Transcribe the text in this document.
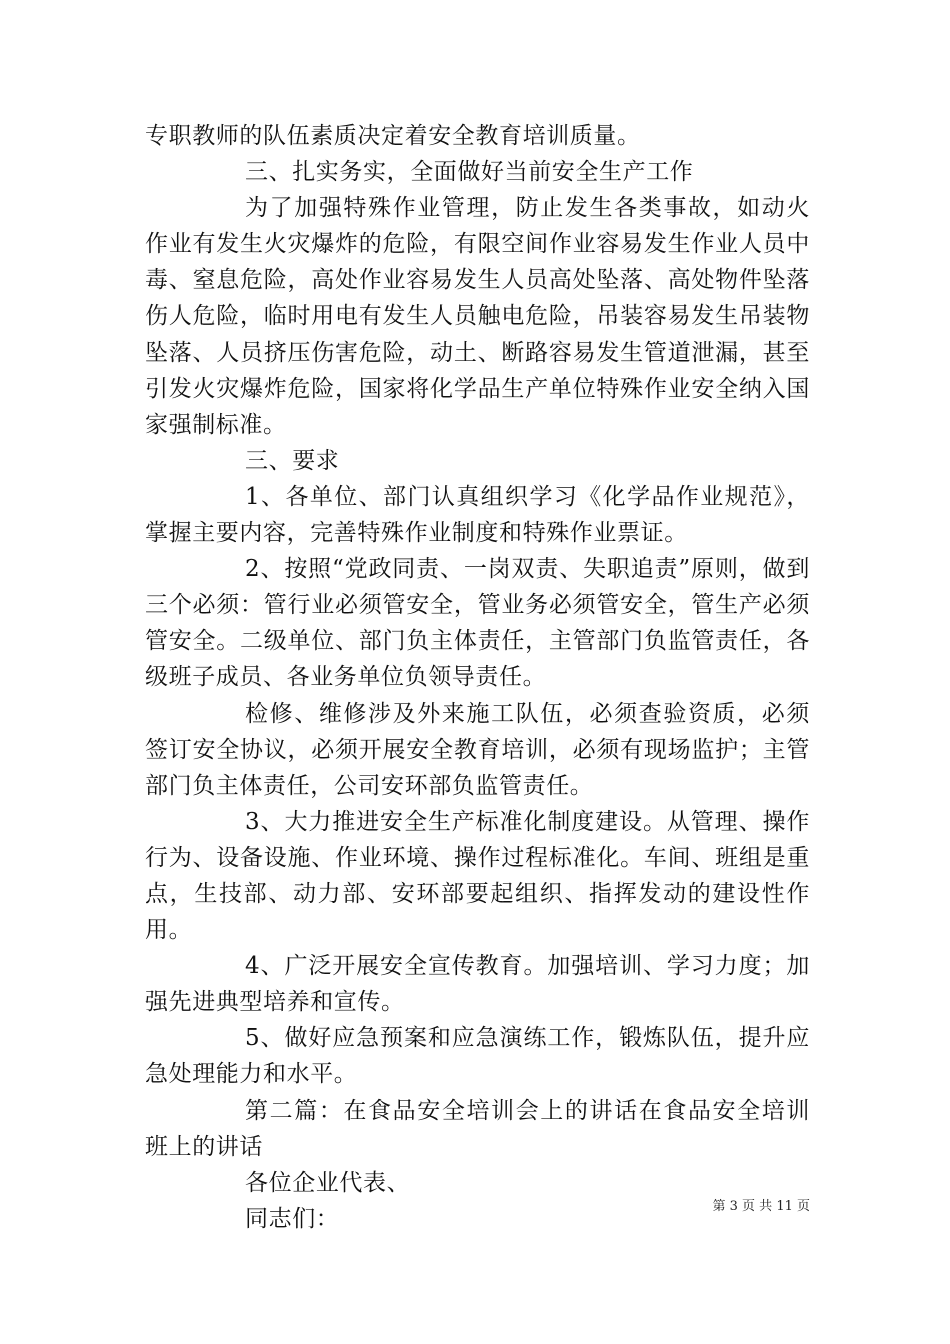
专职教师的队伍素质决定着安全教育培训质量。

三、扎实务实，全面做好当前安全生产工作

为了加强特殊作业管理，防止发生各类事故，如动火作业有发生火灾爆炸的危险，有限空间作业容易发生作业人员中毒、窒息危险，高处作业容易发生人员高处坠落、高处物件坠落伤人危险，临时用电有发生人员触电危险，吊装容易发生吊装物坠落、人员挤压伤害危险，动土、断路容易发生管道泄漏，甚至引发火灾爆炸危险，国家将化学品生产单位特殊作业安全纳入国家强制标准。

三、要求

1、各单位、部门认真组织学习《化学品作业规范》，掌握主要内容，完善特殊作业制度和特殊作业票证。

2、按照“党政同责、一岗双责、失职追责”原则，做到三个必须：管行业必须管安全，管业务必须管安全，管生产必须管安全。二级单位、部门负主体责任，主管部门负监管责任，各级班子成员、各业务单位负领导责任。

检修、维修涉及外来施工队伍，必须查验资质，必须签订安全协议，必须开展安全教育培训，必须有现场监护；主管部门负主体责任，公司安环部负监管责任。

3、大力推进安全生产标准化制度建设。从管理、操作行为、设备设施、作业环境、操作过程标准化。车间、班组是重点，生技部、动力部、安环部要起组织、指挥发动的建设性作用。

4、广泛开展安全宣传教育。加强培训、学习力度；加强先进典型培养和宣传。

5、做好应急预案和应急演练工作，锻炼队伍，提升应急处理能力和水平。

第二篇：在食品安全培训会上的讲话在食品安全培训班上的讲话

各位企业代表、

同志们：	第 3 页 共 11 页
